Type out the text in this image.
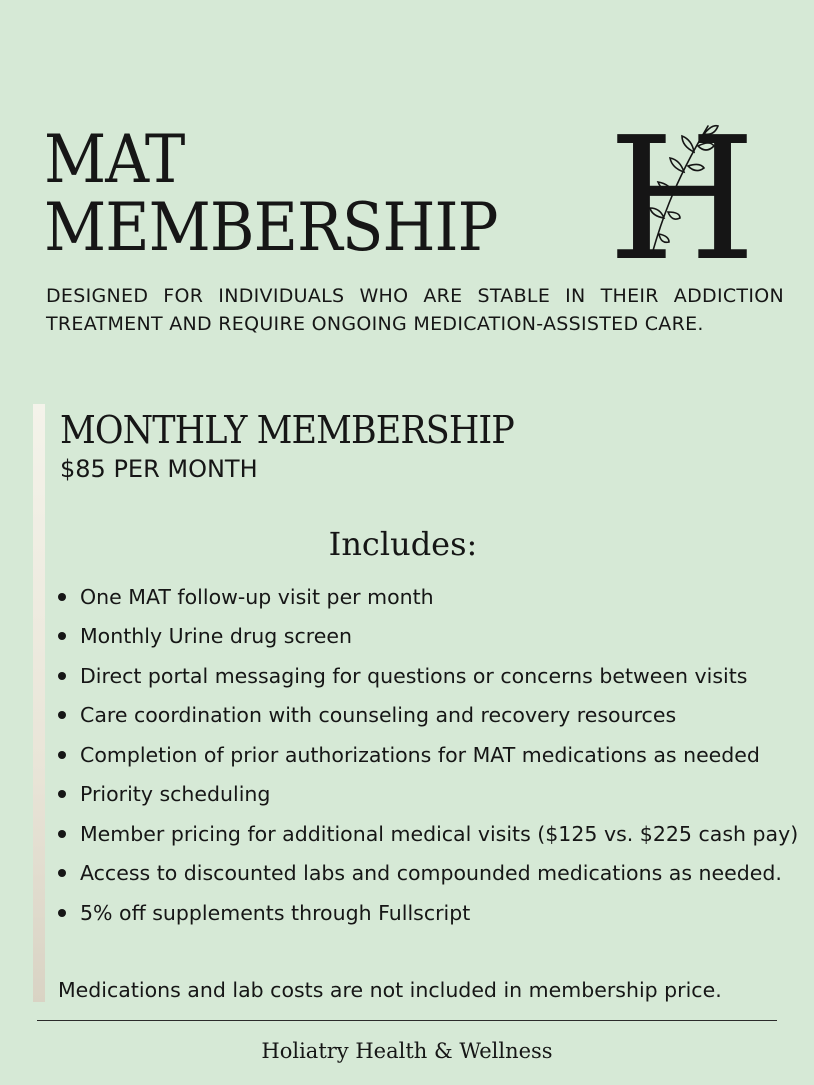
MAT
MEMBERSHIP H

DESIGNED FOR INDIVIDUALS WHO ARE STABLE IN THEIR ADDICTION TREATMENT AND REQUIRE ONGOING MEDICATION-ASSISTED CARE.

MONTHLY MEMBERSHIP

$85 PER MONTH

Includes:
One MAT follow-up visit per month
Monthly Urine drug screen
Direct portal messaging for questions or concerns between visits
Care coordination with counseling and recovery resources
Completion of prior authorizations for MAT medications as needed
Priority scheduling
Member pricing for additional medical visits ($125 vs. $225 cash pay)
Access to discounted labs and compounded medications as needed.
5% off supplements through Fullscript

Medications and lab costs are not included in membership price.

Holiatry Health & Wellness
